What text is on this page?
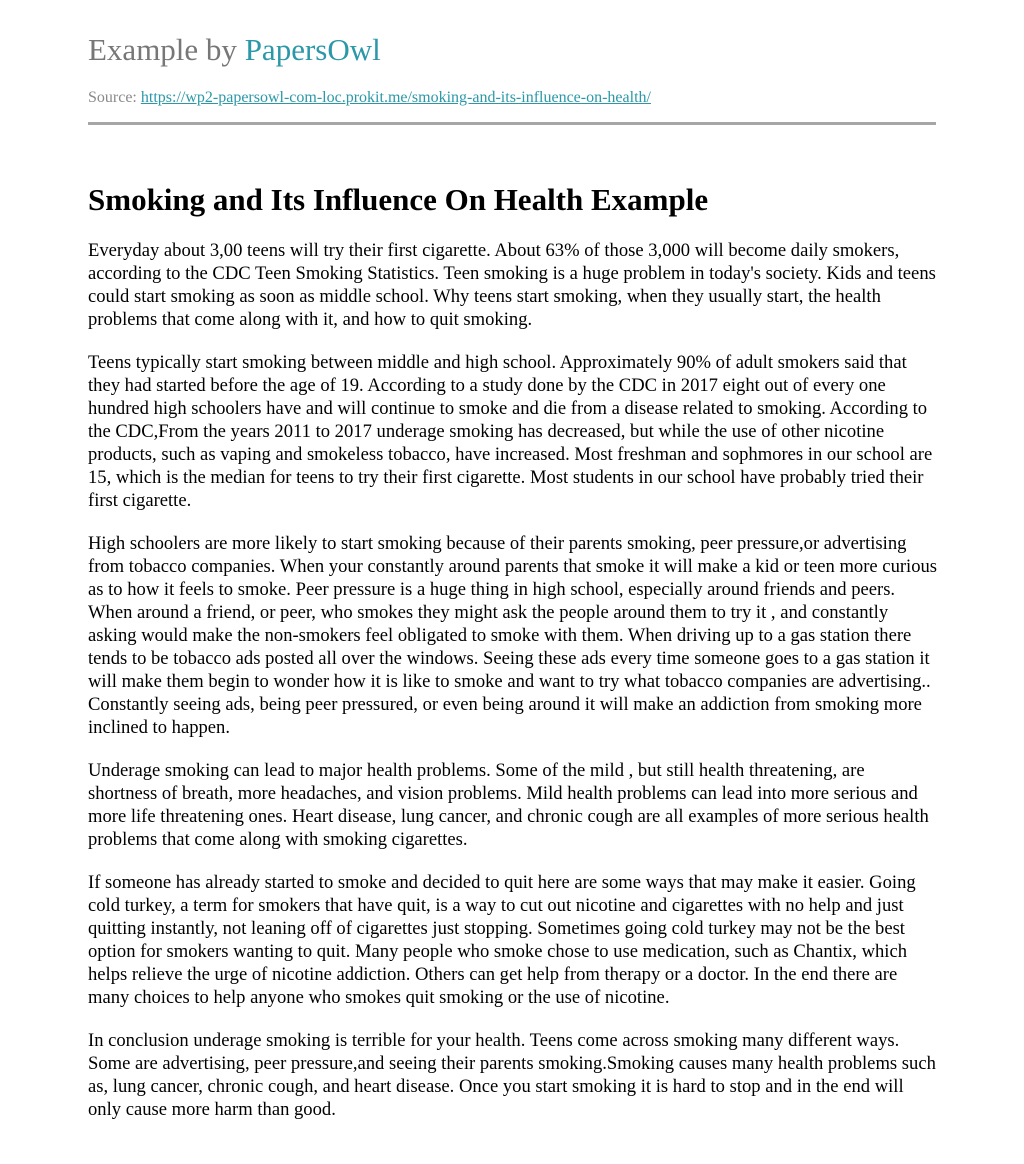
Example by PapersOwl
Source: https://wp2-papersowl-com-loc.prokit.me/smoking-and-its-influence-on-health/
Smoking and Its Influence On Health Example

Everyday about 3,00 teens will try their first cigarette. About 63% of those 3,000 will become daily smokers, according to the CDC Teen Smoking Statistics. Teen smoking is a huge problem in today's society. Kids and teens could start smoking as soon as middle school. Why teens start smoking, when they usually start, the health problems that come along with it, and how to quit smoking.

Teens typically start smoking between middle and high school. Approximately 90% of adult smokers said that they had started before the age of 19. According to a study done by the CDC in 2017 eight out of every one hundred high schoolers have and will continue to smoke and die from a disease related to smoking. According to the CDC,From the years 2011 to 2017 underage smoking has decreased, but while the use of other nicotine products, such as vaping and smokeless tobacco, have increased. Most freshman and sophmores in our school are 15, which is the median for teens to try their first cigarette. Most students in our school have probably tried their first cigarette.

High schoolers are more likely to start smoking because of their parents smoking, peer pressure,or advertising from tobacco companies. When your constantly around parents that smoke it will make a kid or teen more curious as to how it feels to smoke. Peer pressure is a huge thing in high school, especially around friends and peers. When around a friend, or peer, who smokes they might ask the people around them to try it , and constantly asking would make the non-smokers feel obligated to smoke with them. When driving up to a gas station there tends to be tobacco ads posted all over the windows. Seeing these ads every time someone goes to a gas station it will make them begin to wonder how it is like to smoke and want to try what tobacco companies are advertising.. Constantly seeing ads, being peer pressured, or even being around it will make an addiction from smoking more inclined to happen.

Underage smoking can lead to major health problems. Some of the mild , but still health threatening, are shortness of breath, more headaches, and vision problems. Mild health problems can lead into more serious and more life threatening ones. Heart disease, lung cancer, and chronic cough are all examples of more serious health problems that come along with smoking cigarettes.

If someone has already started to smoke and decided to quit here are some ways that may make it easier. Going cold turkey, a term for smokers that have quit, is a way to cut out nicotine and cigarettes with no help and just quitting instantly, not leaning off of cigarettes just stopping. Sometimes going cold turkey may not be the best option for smokers wanting to quit. Many people who smoke chose to use medication, such as Chantix, which helps relieve the urge of nicotine addiction. Others can get help from therapy or a doctor. In the end there are many choices to help anyone who smokes quit smoking or the use of nicotine.

In conclusion underage smoking is terrible for your health. Teens come across smoking many different ways. Some are advertising, peer pressure,and seeing their parents smoking.Smoking causes many health problems such as, lung cancer, chronic cough, and heart disease. Once you start smoking it is hard to stop and in the end will only cause more harm than good.
